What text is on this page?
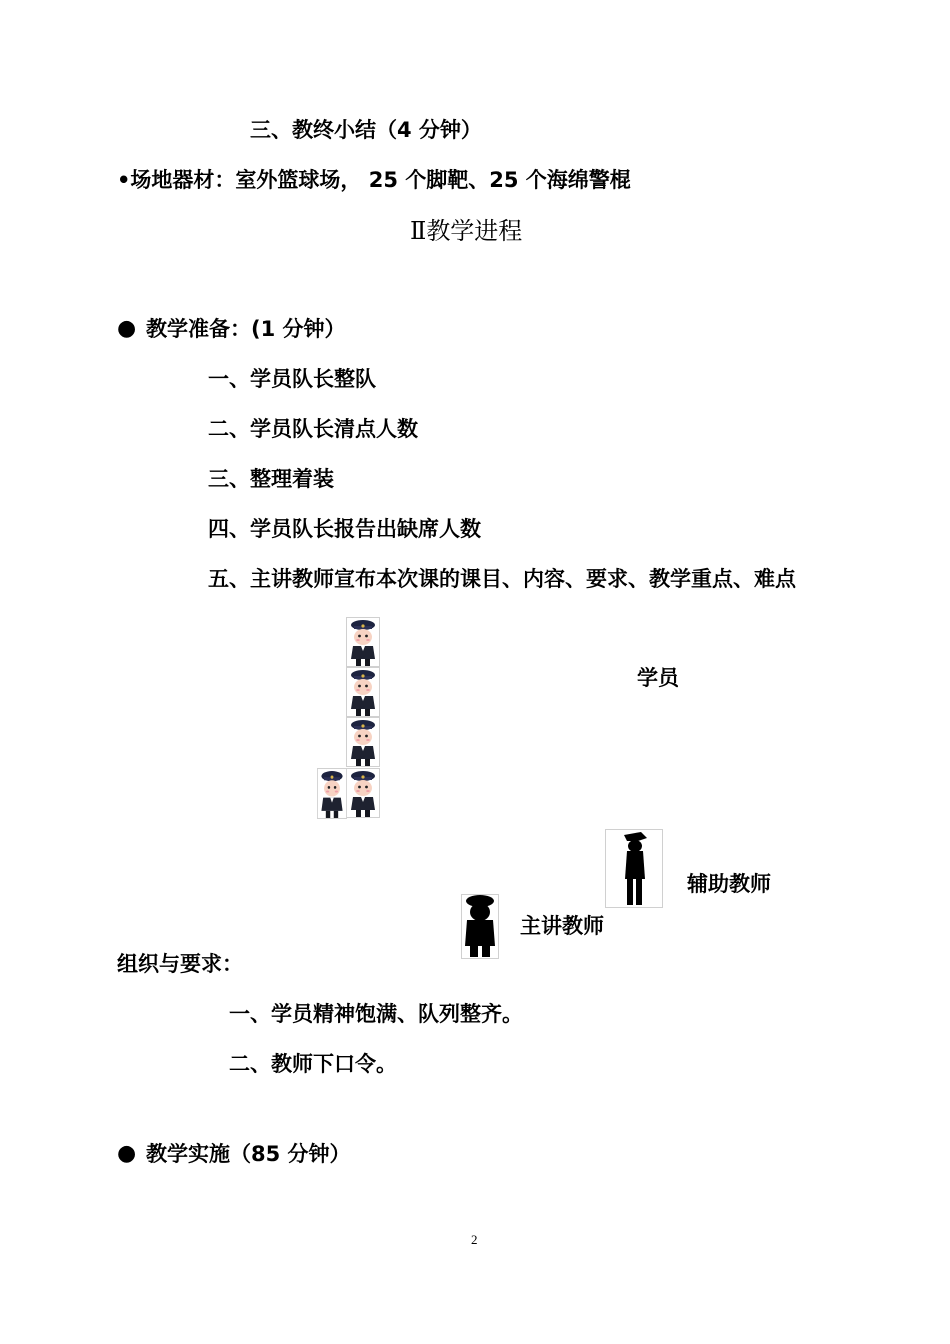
三、教终小结（4 分钟）
•场地器材：室外篮球场， 25 个脚靶、25 个海绵警棍
Ⅱ教学进程
● 教学准备：(1 分钟）
一、学员队长整队
二、学员队长清点人数
三、整理着装
四、学员队长报告出缺席人数
五、主讲教师宣布本次课的课目、内容、要求、教学重点、难点
学员
辅助教师
主讲教师
组织与要求：
一、学员精神饱满、队列整齐。
二、教师下口令。
● 教学实施（85 分钟）
2
